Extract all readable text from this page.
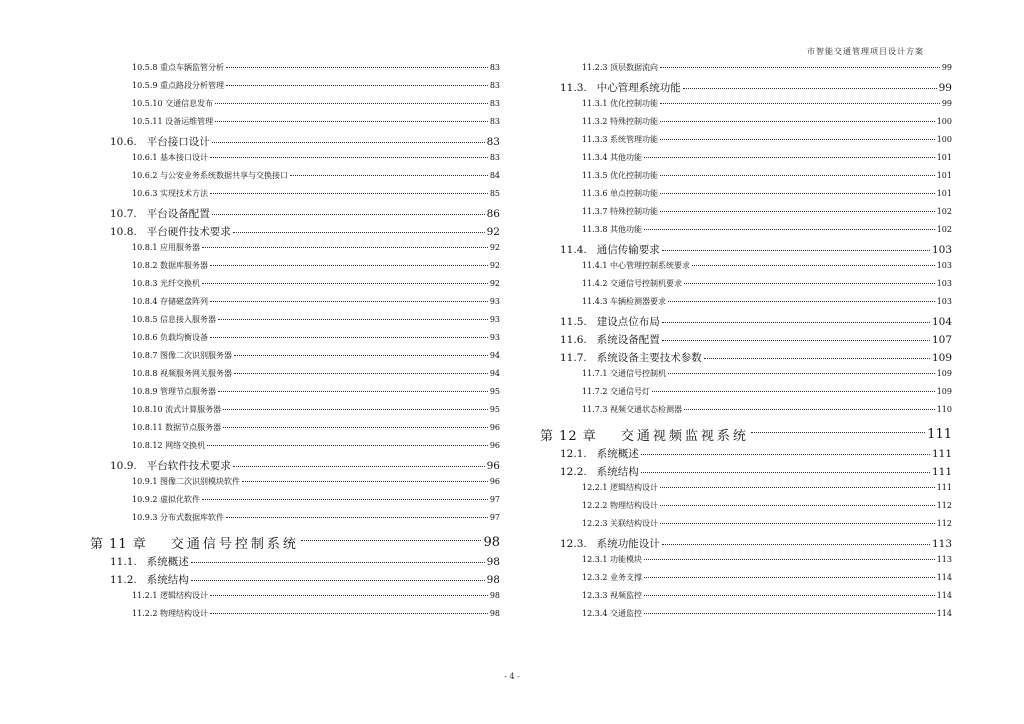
市智能交通管理项目设计方案
10.5.8 重点车辆监管分析	83
10.5.9 重点路段分析管理	83
10.5.10 交通信息发布	83
10.5.11 设备运维管理	83
10.6. 平台接口设计	83
10.6.1 基本接口设计	83
10.6.2 与公安业务系统数据共享与交换接口	84
10.6.3 实现技术方法	85
10.7. 平台设备配置	86
10.8. 平台硬件技术要求	92
10.8.1 应用服务器	92
10.8.2 数据库服务器	92
10.8.3 光纤交换机	92
10.8.4 存储磁盘阵列	93
10.8.5 信息接入服务器	93
10.8.6 负载均衡设备	93
10.8.7 图像二次识别服务器	94
10.8.8 视频服务网关服务器	94
10.8.9 管理节点服务器	95
10.8.10 流式计算服务器	95
10.8.11 数据节点服务器	96
10.8.12 网络交换机	96
10.9. 平台软件技术要求	96
10.9.1 图像二次识别模块软件	96
10.9.2 虚拟化软件	97
10.9.3 分布式数据库软件	97
第 11 章 交通信号控制系统	98
11.1. 系统概述	98
11.2. 系统结构	98
11.2.1 逻辑结构设计	98
11.2.2 物理结构设计	98
11.2.3 顶层数据流向	99
11.3. 中心管理系统功能	99
11.3.1 优化控制功能	99
11.3.2 特殊控制功能	100
11.3.3 系统管理功能	100
11.3.4 其他功能	101
11.3.5 优化控制功能	101
11.3.6 单点控制功能	101
11.3.7 特殊控制功能	102
11.3.8 其他功能	102
11.4. 通信传输要求	103
11.4.1 中心管理控制系统要求	103
11.4.2 交通信号控制机要求	103
11.4.3 车辆检测器要求	103
11.5. 建设点位布局	104
11.6. 系统设备配置	107
11.7. 系统设备主要技术参数	109
11.7.1 交通信号控制机	109
11.7.2 交通信号灯	109
11.7.3 视频交通状态检测器	110
第 12 章 交通视频监视系统	111
12.1. 系统概述	111
12.2. 系统结构	111
12.2.1 逻辑结构设计	111
12.2.2 物理结构设计	112
12.2.3 关联结构设计	112
12.3. 系统功能设计	113
12.3.1 功能模块	113
12.3.2 业务支撑	114
12.3.3 视频监控	114
12.3.4 交通监控	114
- 4 -
